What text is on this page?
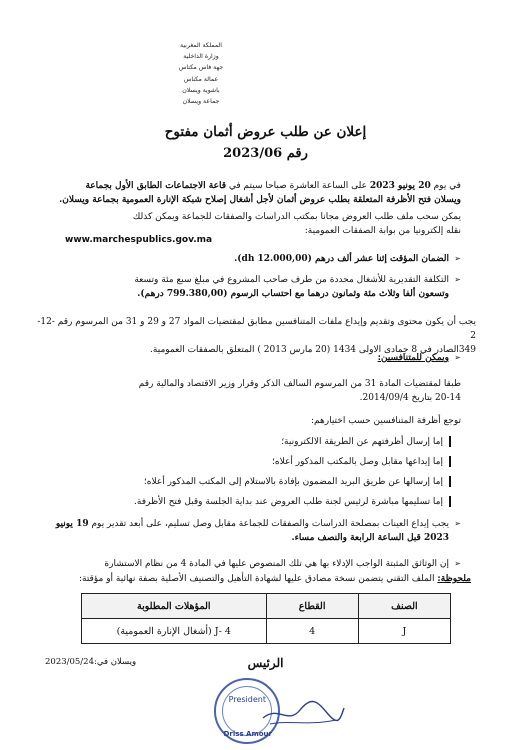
المملكة المغربية
وزارة الداخلية
جهة فاس مكناس
عمالة مكناس
باشوية ويسلان
جماعة ويسلان
إعلان عن طلب عروض أثمان مفتوح
رقم 2023/06
في يوم 20 يونيو 2023 على الساعة العاشرة صباحا سيتم في قاعة الاجتماعات الطابق الأول بجماعة
ويسلان فتح الأظرفة المتعلقة بطلب عروض أثمان لأجل أشغال إصلاح شبكة الإنارة العمومية بجماعة ويسلان.
يمكن سحب ملف طلب العروض مجانا بمكتب الدراسات والصفقات للجماعة ويمكن كذلك
نقله إلكترونيا من بوابة الصفقات العمومية:
www.marchespublics.gov.ma
➢الضمان المؤقت إثنا عشر ألف درهم (12.000,00 dh).
➢التكلفة التقديرية للأشغال محددة من طرف صاحب المشروع في مبلغ سبع مئة وتسعة
وتسعون ألفا وثلاث مئة وثمانون درهما مع احتساب الرسوم (799.380,00 درهم).
يجب أن يكون محتوى وتقديم وإيداع ملفات المتنافسين مطابق لمقتضيات المواد 27 و 29 و 31 من المرسوم رقم -12-2
349الصادر في 8 جمادى الاولى 1434 (20 مارس 2013 ) المتعلق بالصفقات العمومية.
➢ويمكن للمتنافسين:
طبقا لمقتضيات المادة 31 من المرسوم السالف الذكر وقرار وزير الاقتصاد والمالية رقم
20-14 بتاريخ 2014/09/4.
توجع أظرفة المتنافسين حسب اختيارهم:
إما إرسال أظرفتهم عن الطريقة الالكترونية؛
إما إيداعها مقابل وصل بالمكتب المذكور أعلاه؛
إما إرسالها عن طريق البريد المضمون بإفادة بالاستلام إلى المكتب المذكور أعلاه؛
إما تسليمها مباشرة لرئيس لجنة طلب العروض عند بداية الجلسة وقبل فتح الأظرفة.
➢يجب إيداع العينات بمصلحة الدراسات والصفقات للجماعة مقابل وصل تسليم، على أبعد تقدير يوم 19 يونيو
2023 قبل الساعة الرابعة والنصف مساء.
➢إن الوثائق المثبتة الواجب الإدلاء بها هي تلك المنصوص عليها في المادة 4 من نظام الاستشارة
ملحوظة: الملف التقني يتضمن نسخة مصادق عليها لشهادة التأهيل والتصنيف الأصلية بصفة نهائية أو مؤقتة:
الصنف	القطاع	المؤهلات المطلوبة
J	4	J- 4 (أشغال الإنارة العمومية)
الرئيس
ويسلان في:2023/05/24
President
Driss Amour
